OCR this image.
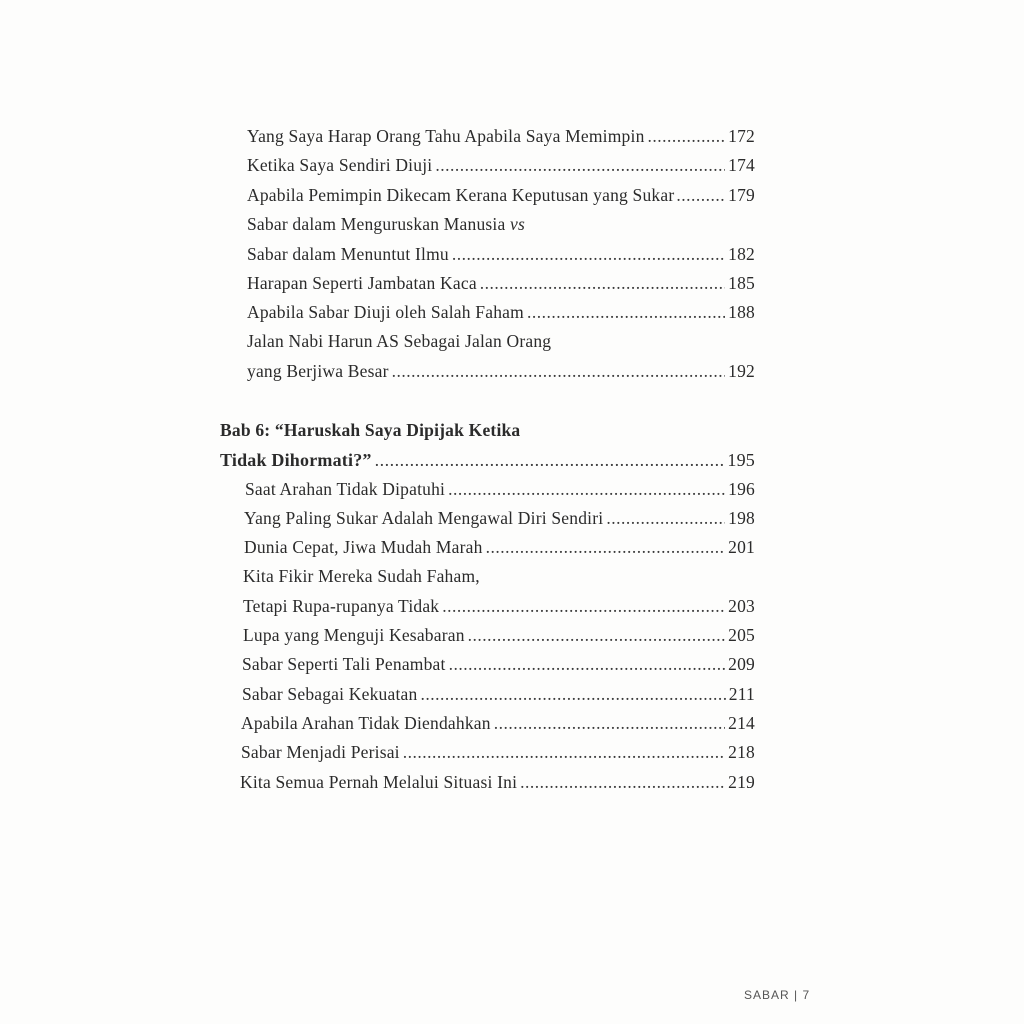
Yang Saya Harap Orang Tahu Apabila Saya Memimpin .....	172
Ketika Saya Sendiri Diuji .....	174
Apabila Pemimpin Dikecam Kerana Keputusan yang Sukar .....	179
Sabar dalam Menguruskan Manusia vs
Sabar dalam Menuntut Ilmu .....	182
Harapan Seperti Jambatan Kaca .....	185
Apabila Sabar Diuji oleh Salah Faham .....	188
Jalan Nabi Harun AS Sebagai Jalan Orang
yang Berjiwa Besar .....	192
Bab 6: “Haruskah Saya Dipijak Ketika
Tidak Dihormati?” .....	195
Saat Arahan Tidak Dipatuhi .....	196
Yang Paling Sukar Adalah Mengawal Diri Sendiri .....	198
Dunia Cepat, Jiwa Mudah Marah .....	201
Kita Fikir Mereka Sudah Faham,
Tetapi Rupa-rupanya Tidak .....	203
Lupa yang Menguji Kesabaran .....	205
Sabar Seperti Tali Penambat .....	209
Sabar Sebagai Kekuatan .....	211
Apabila Arahan Tidak Diendahkan .....	214
Sabar Menjadi Perisai .....	218
Kita Semua Pernah Melalui Situasi Ini .....	219
SABAR | 7
